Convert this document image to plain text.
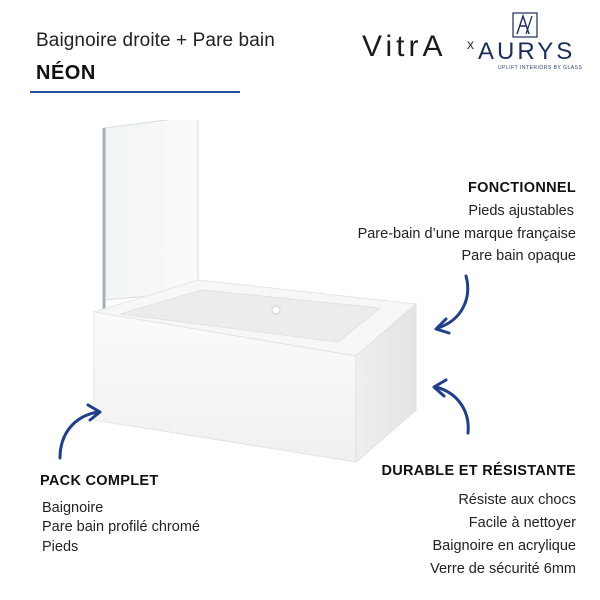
Baignoire droite + Pare bain
NÉON
VitrA x AURYS
UPLIFT INTERIORS BY GLASS
FONCTIONNEL
Pieds ajustables
Pare-bain d’une marque française
Pare bain opaque
PACK COMPLET
Baignoire
Pare bain profilé chromé
Pieds
DURABLE ET RÉSISTANTE
Résiste aux chocs
Facile à nettoyer
Baignoire en acrylique
Verre de sécurité 6mm
